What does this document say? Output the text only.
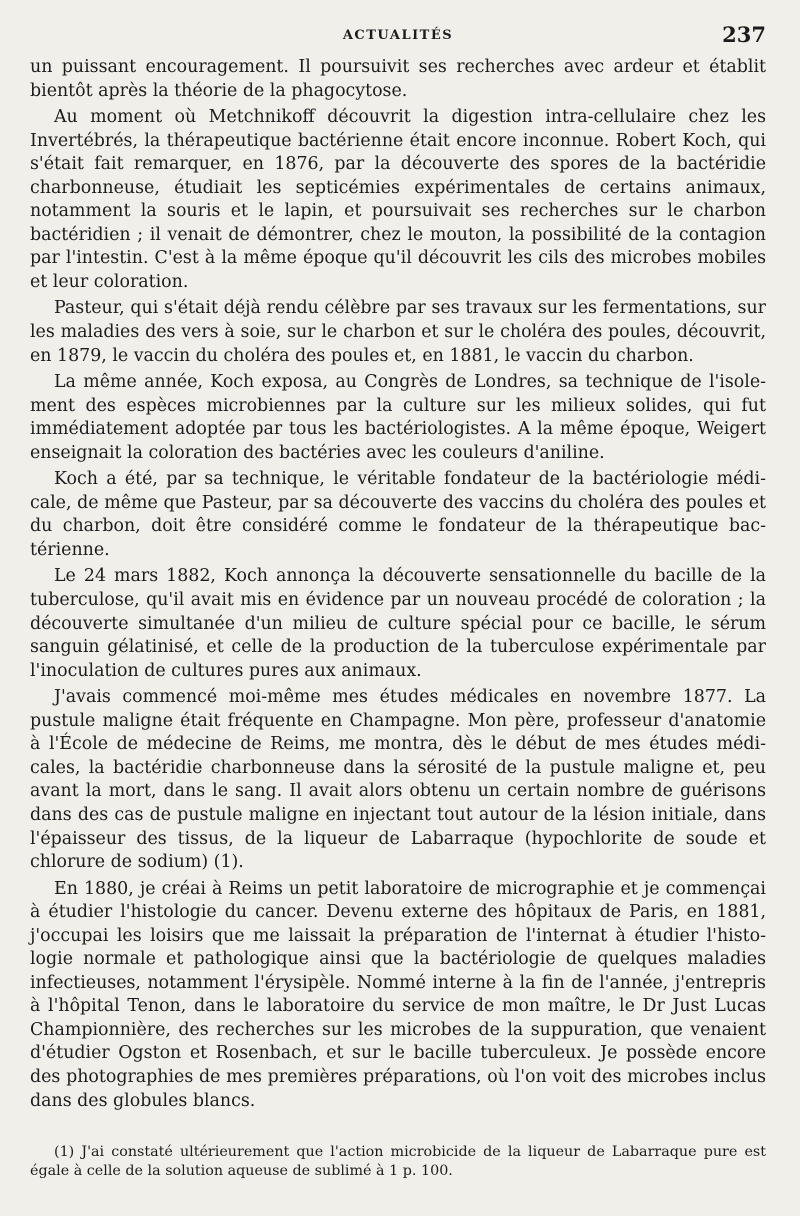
ACTUALITÉS	237

un puissant encouragement. Il poursuivit ses recherches avec ardeur et établit bientôt après la théorie de la phagocytose.

Au moment où Metchnikoff découvrit la digestion intra-cellulaire chez les Invertébrés, la thérapeutique bactérienne était encore inconnue. Robert Koch, qui s'était fait remarquer, en 1876, par la découverte des spores de la bactéridie charbonneuse, étudiait les septicémies expérimentales de certains animaux, notamment la souris et le lapin, et poursuivait ses recherches sur le charbon bactéridien ; il venait de démontrer, chez le mouton, la possibilité de la contagion par l'intestin. C'est à la même époque qu'il découvrit les cils des microbes mobiles et leur coloration.

Pasteur, qui s'était déjà rendu célèbre par ses travaux sur les fermentations, sur les maladies des vers à soie, sur le charbon et sur le choléra des poules, découvrit, en 1879, le vaccin du choléra des poules et, en 1881, le vaccin du charbon.

La même année, Koch exposa, au Congrès de Londres, sa technique de l'isolement des espèces microbiennes par la culture sur les milieux solides, qui fut immédiatement adoptée par tous les bactériologistes. A la même époque, Weigert enseignait la coloration des bactéries avec les couleurs d'aniline.

Koch a été, par sa technique, le véritable fondateur de la bactériologie médicale, de même que Pasteur, par sa découverte des vaccins du choléra des poules et du charbon, doit être considéré comme le fondateur de la thérapeutique bactérienne.

Le 24 mars 1882, Koch annonça la découverte sensationnelle du bacille de la tuberculose, qu'il avait mis en évidence par un nouveau procédé de coloration ; la découverte simultanée d'un milieu de culture spécial pour ce bacille, le sérum sanguin gélatinisé, et celle de la production de la tuberculose expérimentale par l'inoculation de cultures pures aux animaux.

J'avais commencé moi-même mes études médicales en novembre 1877. La pustule maligne était fréquente en Champagne. Mon père, professeur d'anatomie à l'École de médecine de Reims, me montra, dès le début de mes études médicales, la bactéridie charbonneuse dans la sérosité de la pustule maligne et, peu avant la mort, dans le sang. Il avait alors obtenu un certain nombre de guérisons dans des cas de pustule maligne en injectant tout autour de la lésion initiale, dans l'épaisseur des tissus, de la liqueur de Labarraque (hypochlorite de soude et chlorure de sodium) (1).

En 1880, je créai à Reims un petit laboratoire de micrographie et je commençai à étudier l'histologie du cancer. Devenu externe des hôpitaux de Paris, en 1881, j'occupai les loisirs que me laissait la préparation de l'internat à étudier l'histologie normale et pathologique ainsi que la bactériologie de quelques maladies infectieuses, notamment l'érysipèle. Nommé interne à la fin de l'année, j'entrepris à l'hôpital Tenon, dans le laboratoire du service de mon maître, le Dr Just Lucas Championnière, des recherches sur les microbes de la suppuration, que venaient d'étudier Ogston et Rosenbach, et sur le bacille tuberculeux. Je possède encore des photographies de mes premières préparations, où l'on voit des microbes inclus dans des globules blancs.

(1) J'ai constaté ultérieurement que l'action microbicide de la liqueur de Labarraque pure est égale à celle de la solution aqueuse de sublimé à 1 p. 100.
